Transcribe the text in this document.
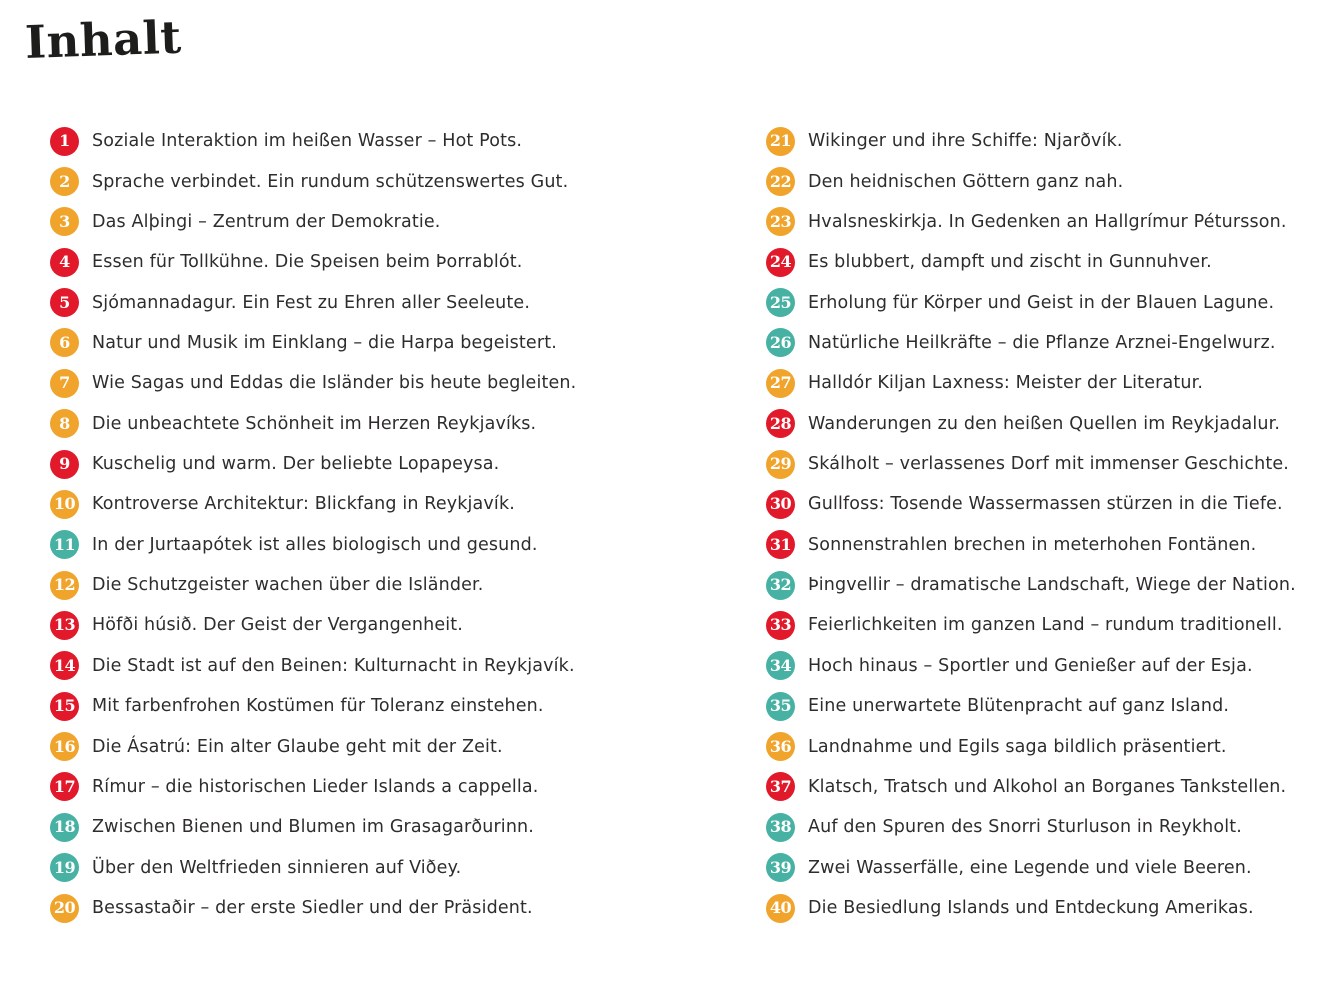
Inhalt
1	Soziale Interaktion im heißen Wasser – Hot Pots.
2	Sprache verbindet. Ein rundum schützenswertes Gut.
3	Das Alþingi – Zentrum der Demokratie.
4	Essen für Tollkühne. Die Speisen beim Þorrablót.
5	Sjómannadagur. Ein Fest zu Ehren aller Seeleute.
6	Natur und Musik im Einklang – die Harpa begeistert.
7	Wie Sagas und Eddas die Isländer bis heute begleiten.
8	Die unbeachtete Schönheit im Herzen Reykjavíks.
9	Kuschelig und warm. Der beliebte Lopapeysa.
10 Kontroverse Architektur: Blickfang in Reykjavík.
11 In der Jurtaapótek ist alles biologisch und gesund.
12 Die Schutzgeister wachen über die Isländer.
13 Höfði húsið. Der Geist der Vergangenheit.
14 Die Stadt ist auf den Beinen: Kulturnacht in Reykjavík.
15 Mit farbenfrohen Kostümen für Toleranz einstehen.
16 Die Ásatrú: Ein alter Glaube geht mit der Zeit.
17 Rímur – die historischen Lieder Islands a cappella.
18 Zwischen Bienen und Blumen im Grasagarðurinn.
19 Über den Weltfrieden sinnieren auf Viðey.
20 Bessastaðir – der erste Siedler und der Präsident.
21 Wikinger und ihre Schiffe: Njarðvík.
22 Den heidnischen Göttern ganz nah.
23 Hvalsneskirkja. In Gedenken an Hallgrímur Pétursson.
24 Es blubbert, dampft und zischt in Gunnuhver.
25 Erholung für Körper und Geist in der Blauen Lagune.
26 Natürliche Heilkräfte – die Pflanze Arznei-Engelwurz.
27 Halldór Kiljan Laxness: Meister der Literatur.
28 Wanderungen zu den heißen Quellen im Reykjadalur.
29 Skálholt – verlassenes Dorf mit immenser Geschichte.
30 Gullfoss: Tosende Wassermassen stürzen in die Tiefe.
31 Sonnenstrahlen brechen in meterhohen Fontänen.
32 Þingvellir – dramatische Landschaft, Wiege der Nation.
33 Feierlichkeiten im ganzen Land – rundum traditionell.
34 Hoch hinaus – Sportler und Genießer auf der Esja.
35 Eine unerwartete Blütenpracht auf ganz Island.
36 Landnahme und Egils saga bildlich präsentiert.
37 Klatsch, Tratsch und Alkohol an Borganes Tankstellen.
38 Auf den Spuren des Snorri Sturluson in Reykholt.
39 Zwei Wasserfälle, eine Legende und viele Beeren.
40 Die Besiedlung Islands und Entdeckung Amerikas.
